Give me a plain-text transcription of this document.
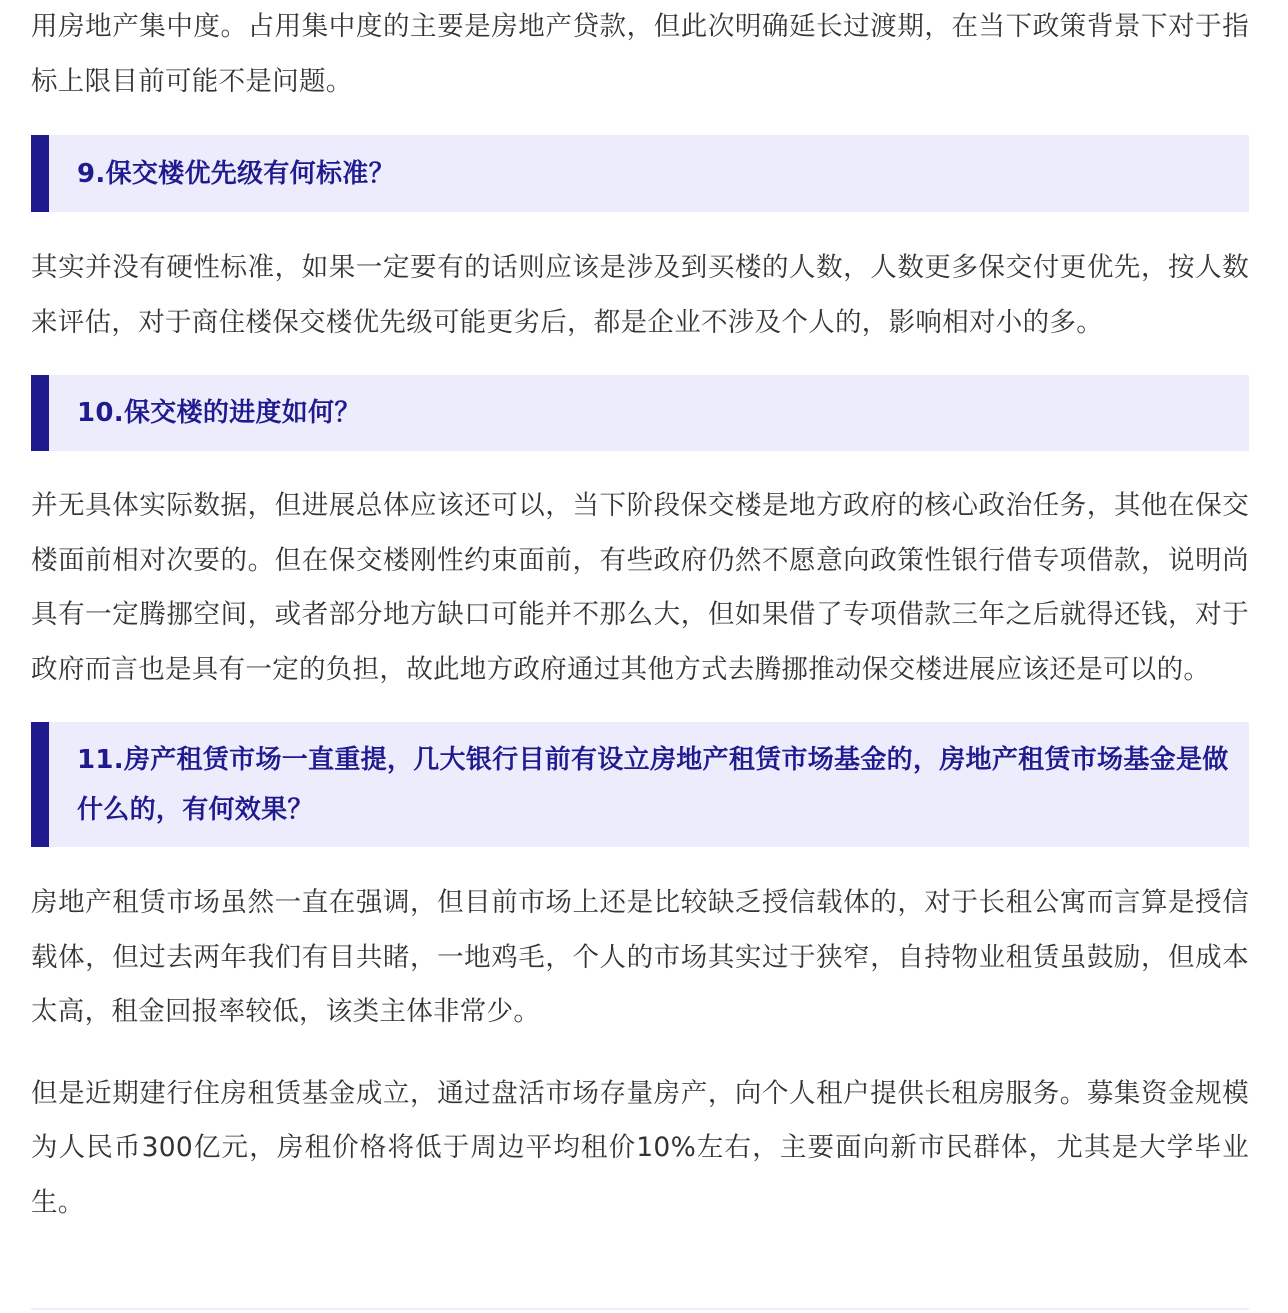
用房地产集中度。占用集中度的主要是房地产贷款，但此次明确延长过渡期，在当下政策背景下对于指标上限目前可能不是问题。

9.保交楼优先级有何标准？

其实并没有硬性标准，如果一定要有的话则应该是涉及到买楼的人数，人数更多保交付更优先，按人数来评估，对于商住楼保交楼优先级可能更劣后，都是企业不涉及个人的，影响相对小的多。

10.保交楼的进度如何？

并无具体实际数据，但进展总体应该还可以，当下阶段保交楼是地方政府的核心政治任务，其他在保交楼面前相对次要的。但在保交楼刚性约束面前，有些政府仍然不愿意向政策性银行借专项借款，说明尚具有一定腾挪空间，或者部分地方缺口可能并不那么大，但如果借了专项借款三年之后就得还钱，对于政府而言也是具有一定的负担，故此地方政府通过其他方式去腾挪推动保交楼进展应该还是可以的。

11.房产租赁市场一直重提，几大银行目前有设立房地产租赁市场基金的，房地产租赁市场基金是做什么的，有何效果？

房地产租赁市场虽然一直在强调，但目前市场上还是比较缺乏授信载体的，对于长租公寓而言算是授信载体，但过去两年我们有目共睹，一地鸡毛，个人的市场其实过于狭窄，自持物业租赁虽鼓励，但成本太高，租金回报率较低，该类主体非常少。

但是近期建行住房租赁基金成立，通过盘活市场存量房产，向个人租户提供长租房服务。募集资金规模为人民币300亿元，房租价格将低于周边平均租价10%左右，主要面向新市民群体，尤其是大学毕业生。
